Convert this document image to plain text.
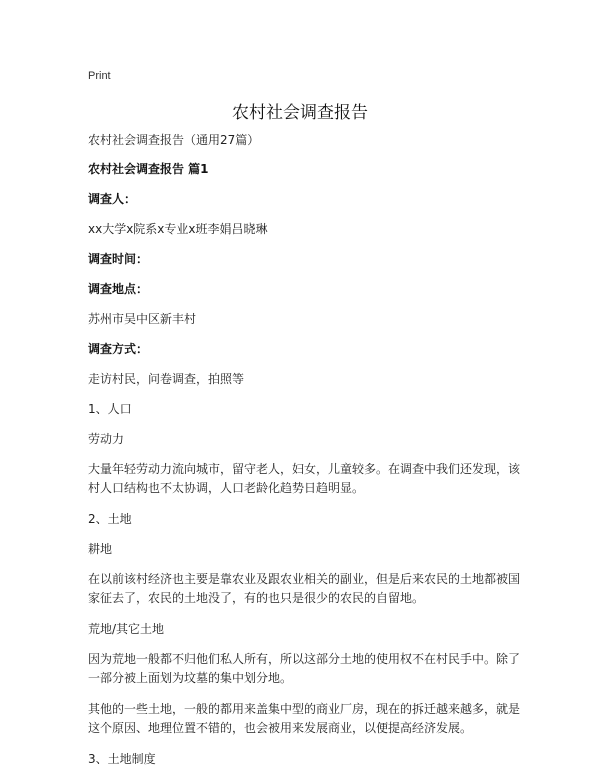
Print
农村社会调查报告

农村社会调查报告（通用27篇）

农村社会调查报告 篇1

调查人：

xx大学x院系x专业x班李娟吕晓琳

调查时间：

调查地点：

苏州市吴中区新丰村

调查方式：

走访村民，问卷调查，拍照等

1、人口

劳动力

大量年轻劳动力流向城市，留守老人，妇女，儿童较多。在调查中我们还发现，该村人口结构也不太协调，人口老龄化趋势日趋明显。

2、土地

耕地

在以前该村经济也主要是靠农业及跟农业相关的副业，但是后来农民的土地都被国家征去了，农民的土地没了，有的也只是很少的农民的自留地。

荒地/其它土地

因为荒地一般都不归他们私人所有，所以这部分土地的使用权不在村民手中。除了一部分被上面划为坟墓的集中划分地。

其他的一些土地，一般的都用来盖集中型的商业厂房，现在的拆迁越来越多，就是这个原因、地理位置不错的，也会被用来发展商业，以便提高经济发展。

3、土地制度
